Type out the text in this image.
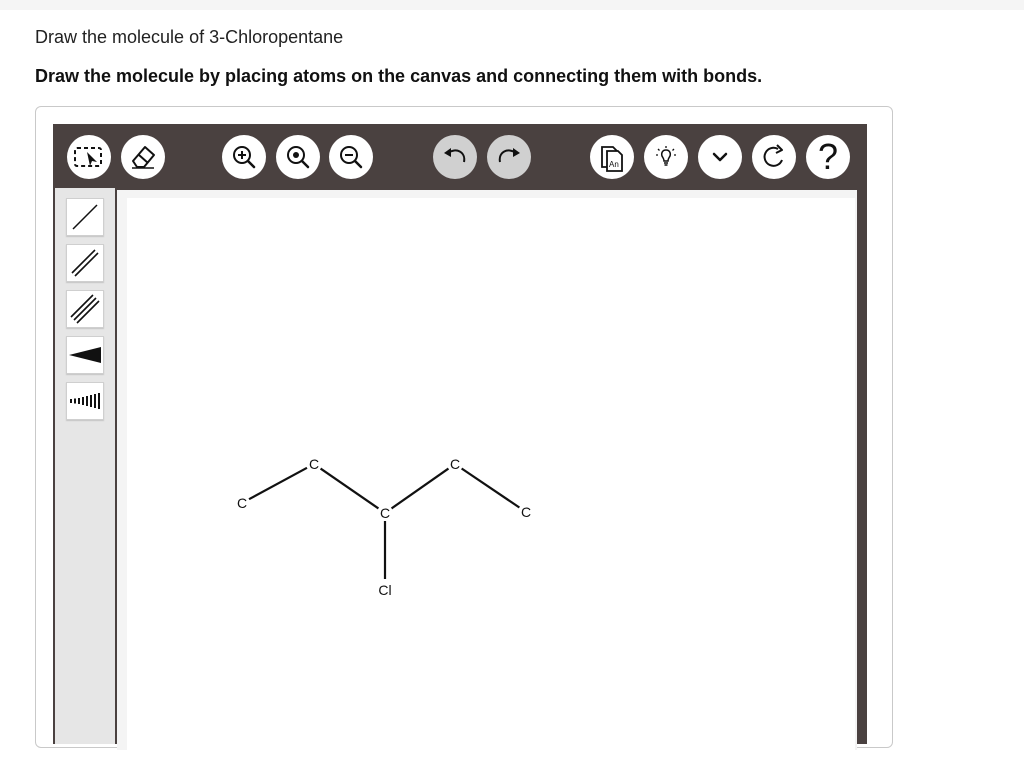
Draw the molecule of 3-Chloropentane
Draw the molecule by placing atoms on the canvas and connecting them with bonds.
An	?
C
C
C
C
C
Cl
